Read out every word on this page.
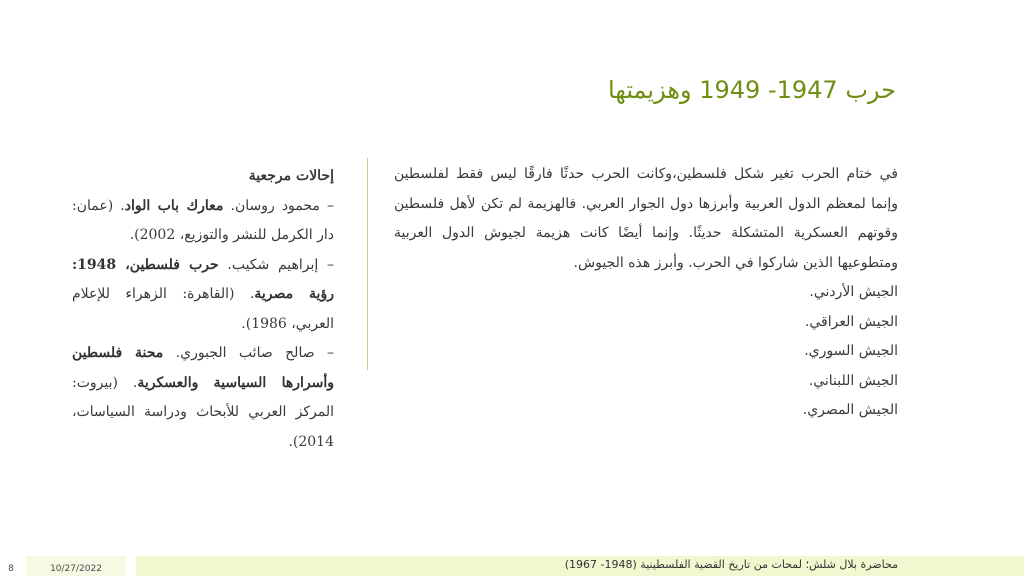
حرب 1947- 1949 وهزيمتها

في ختام الحرب تغير شكل فلسطين،وكانت الحرب حدثًا فارقًا ليس فقط لفلسطين وإنما لمعظم الدول العربية وأبرزها دول الجوار العربي. فالهزيمة لم تكن لأهل فلسطين وقوتهم العسكرية المتشكلة حديثًا. وإنما أيضًا كانت هزيمة لجيوش الدول العربية ومتطوعيها الذين شاركوا في الحرب. وأبرز هذه الجيوش.

الجيش الأردني.
الجيش العراقي.
الجيش السوري.
الجيش اللبناني.
الجيش المصري.
إحالات مرجعية

– محمود روسان. معارك باب الواد. (عمان: دار الكرمل للنشر والتوزيع، 2002).

– إبراهيم شكيب. حرب فلسطين، 1948: رؤية مصرية. (القاهرة: الزهراء للإعلام العربي، 1986).

– صالح صائب الجبوري. محنة فلسطين وأسرارها السياسية والعسكرية. (بيروت: المركز العربي للأبحاث ودراسة السياسات، 2014).

محاضرة بلال شلش؛ لمحات من تاريخ القضية الفلسطينية (1948- 1967)
10/27/2022
8
